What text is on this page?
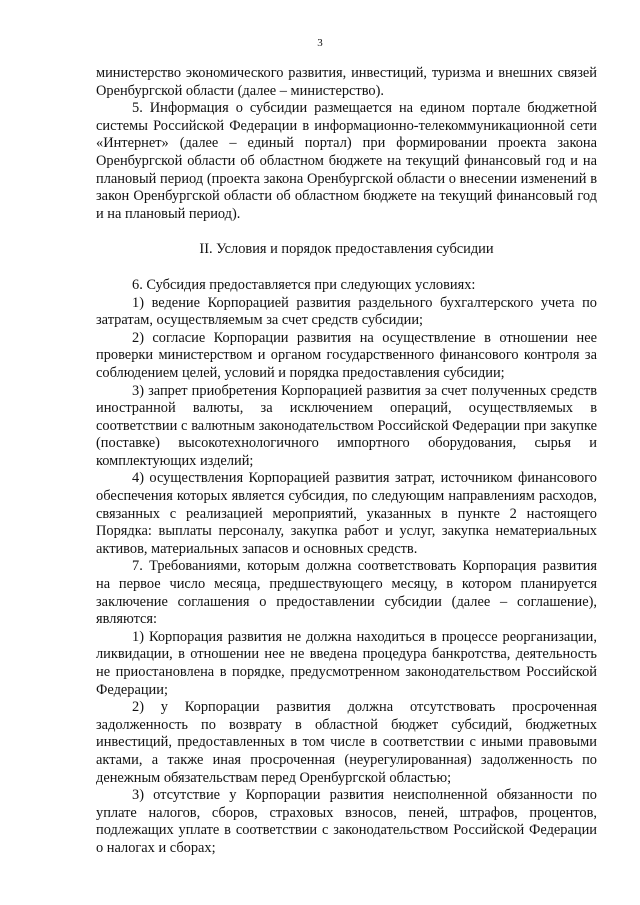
3

министерство экономического развития, инвестиций, туризма и внешних связей Оренбургской области (далее – министерство).

5. Информация о субсидии размещается на едином портале бюджетной системы Российской Федерации в информационно-телекоммуникационной сети «Интернет» (далее – единый портал) при формировании проекта закона Оренбургской области об областном бюджете на текущий финансовый год и на плановый период (проекта закона Оренбургской области о внесении изменений в закон Оренбургской области об областном бюджете на текущий финансовый год и на плановый период).

II. Условия и порядок предоставления субсидии

6. Субсидия предоставляется при следующих условиях:

1) ведение Корпорацией развития раздельного бухгалтерского учета по затратам, осуществляемым за счет средств субсидии;

2) согласие Корпорации развития на осуществление в отношении нее проверки министерством и органом государственного финансового контроля за соблюдением целей, условий и порядка предоставления субсидии;

3) запрет приобретения Корпорацией развития за счет полученных средств иностранной валюты, за исключением операций, осуществляемых в соответствии с валютным законодательством Российской Федерации при закупке (поставке) высокотехнологичного импортного оборудования, сырья и комплектующих изделий;

4) осуществления Корпорацией развития затрат, источником финансового обеспечения которых является субсидия, по следующим направлениям расходов, связанных с реализацией мероприятий, указанных в пункте 2 настоящего Порядка: выплаты персоналу, закупка работ и услуг, закупка нематериальных активов, материальных запасов и основных средств.

7. Требованиями, которым должна соответствовать Корпорация развития на первое число месяца, предшествующего месяцу, в котором планируется заключение соглашения о предоставлении субсидии (далее – соглашение), являются:

1) Корпорация развития не должна находиться в процессе реорганизации, ликвидации, в отношении нее не введена процедура банкротства, деятельность не приостановлена в порядке, предусмотренном законодательством Российской Федерации;

2) у Корпорации развития должна отсутствовать просроченная задолженность по возврату в областной бюджет субсидий, бюджетных инвестиций, предоставленных в том числе в соответствии с иными правовыми актами, а также иная просроченная (неурегулированная) задолженность по денежным обязательствам перед Оренбургской областью;

3) отсутствие у Корпорации развития неисполненной обязанности по уплате налогов, сборов, страховых взносов, пеней, штрафов, процентов, подлежащих уплате в соответствии с законодательством Российской Федерации о налогах и сборах;
